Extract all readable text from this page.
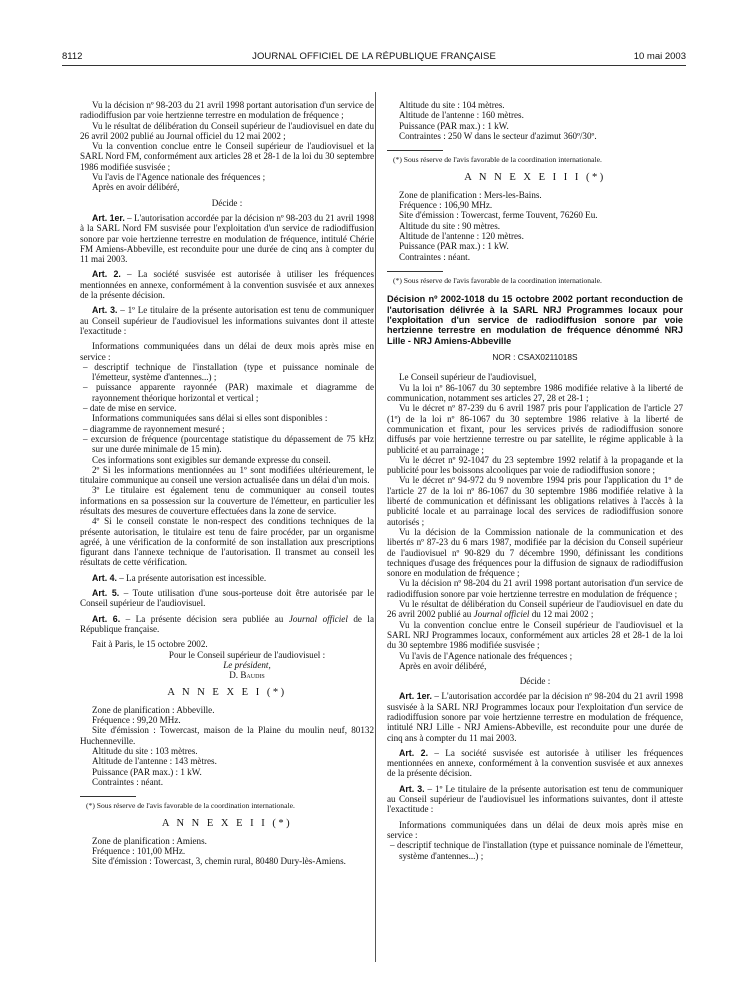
8112	JOURNAL OFFICIEL DE LA RÉPUBLIQUE FRANÇAISE	10 mai 2003

Vu la décision nº 98-203 du 21 avril 1998 portant autorisation d'un service de radiodiffusion par voie hertzienne terrestre en modulation de fréquence ;

Vu le résultat de délibération du Conseil supérieur de l'audiovisuel en date du 26 avril 2002 publié au Journal officiel du 12 mai 2002 ;

Vu la convention conclue entre le Conseil supérieur de l'audiovisuel et la SARL Nord FM, conformément aux articles 28 et 28-1 de la loi du 30 septembre 1986 modifiée susvisée ;

Vu l'avis de l'Agence nationale des fréquences ;

Après en avoir délibéré,

Décide :

Art. 1er. – L'autorisation accordée par la décision nº 98-203 du 21 avril 1998 à la SARL Nord FM susvisée pour l'exploitation d'un service de radiodiffusion sonore par voie hertzienne terrestre en modulation de fréquence, intitulé Chérie FM Amiens-Abbeville, est reconduite pour une durée de cinq ans à compter du 11 mai 2003.

Art. 2. – La société susvisée est autorisée à utiliser les fréquences mentionnées en annexe, conformément à la convention susvisée et aux annexes de la présente décision.

Art. 3. – 1º Le titulaire de la présente autorisation est tenu de communiquer au Conseil supérieur de l'audiovisuel les informations suivantes dont il atteste l'exactitude :

Informations communiquées dans un délai de deux mois après mise en service :

– descriptif technique de l'installation (type et puissance nominale de l'émetteur, système d'antennes...) ;

– puissance apparente rayonnée (PAR) maximale et diagramme de rayonnement théorique horizontal et vertical ;

– date de mise en service.

Informations communiquées sans délai si elles sont disponibles :

– diagramme de rayonnement mesuré ;

– excursion de fréquence (pourcentage statistique du dépassement de 75 kHz sur une durée minimale de 15 min).

Ces informations sont exigibles sur demande expresse du conseil.

2º Si les informations mentionnées au 1º sont modifiées ultérieurement, le titulaire communique au conseil une version actualisée dans un délai d'un mois.

3º Le titulaire est également tenu de communiquer au conseil toutes informations en sa possession sur la couverture de l'émetteur, en particulier les résultats des mesures de couverture effectuées dans la zone de service.

4º Si le conseil constate le non-respect des conditions techniques de la présente autorisation, le titulaire est tenu de faire procéder, par un organisme agréé, à une vérification de la conformité de son installation aux prescriptions figurant dans l'annexe technique de l'autorisation. Il transmet au conseil les résultats de cette vérification.

Art. 4. – La présente autorisation est incessible.

Art. 5. – Toute utilisation d'une sous-porteuse doit être autorisée par le Conseil supérieur de l'audiovisuel.

Art. 6. – La présente décision sera publiée au Journal officiel de la République française.

Fait à Paris, le 15 octobre 2002.

Pour le Conseil supérieur de l'audiovisuel :

Le président,

D. Baudis

A N N E X E I (*)

Zone de planification : Abbeville.

Fréquence : 99,20 MHz.

Site d'émission : Towercast, maison de la Plaine du moulin neuf, 80132 Huchenneville.

Altitude du site : 103 mètres.

Altitude de l'antenne : 143 mètres.

Puissance (PAR max.) : 1 kW.

Contraintes : néant.

(*) Sous réserve de l'avis favorable de la coordination internationale.

A N N E X E I I (*)

Zone de planification : Amiens.

Fréquence : 101,00 MHz.

Site d'émission : Towercast, 3, chemin rural, 80480 Dury-lès-Amiens.

Altitude du site : 104 mètres.

Altitude de l'antenne : 160 mètres.

Puissance (PAR max.) : 1 kW.

Contraintes : 250 W dans le secteur d'azimut 360º/30º.

(*) Sous réserve de l'avis favorable de la coordination internationale.

A N N E X E I I I (*)

Zone de planification : Mers-les-Bains.

Fréquence : 106,90 MHz.

Site d'émission : Towercast, ferme Touvent, 76260 Eu.

Altitude du site : 90 mètres.

Altitude de l'antenne : 120 mètres.

Puissance (PAR max.) : 1 kW.

Contraintes : néant.

(*) Sous réserve de l'avis favorable de la coordination internationale.

Décision nº 2002-1018 du 15 octobre 2002 portant reconduction de l'autorisation délivrée à la SARL NRJ Programmes locaux pour l'exploitation d'un service de radiodiffusion sonore par voie hertzienne terrestre en modulation de fréquence dénommé NRJ Lille - NRJ Amiens-Abbeville

NOR : CSAX0211018S

Le Conseil supérieur de l'audiovisuel,

Vu la loi nº 86-1067 du 30 septembre 1986 modifiée relative à la liberté de communication, notamment ses articles 27, 28 et 28-1 ;

Vu le décret nº 87-239 du 6 avril 1987 pris pour l'application de l'article 27 (1º) de la loi nº 86-1067 du 30 septembre 1986 relative à la liberté de communication et fixant, pour les services privés de radiodiffusion sonore diffusés par voie hertzienne terrestre ou par satellite, le régime applicable à la publicité et au parrainage ;

Vu le décret nº 92-1047 du 23 septembre 1992 relatif à la propagande et la publicité pour les boissons alcooliques par voie de radiodiffusion sonore ;

Vu le décret nº 94-972 du 9 novembre 1994 pris pour l'application du 1º de l'article 27 de la loi nº 86-1067 du 30 septembre 1986 modifiée relative à la liberté de communication et définissant les obligations relatives à l'accès à la publicité locale et au parrainage local des services de radiodiffusion sonore autorisés ;

Vu la décision de la Commission nationale de la communication et des libertés nº 87-23 du 6 mars 1987, modifiée par la décision du Conseil supérieur de l'audiovisuel nº 90-829 du 7 décembre 1990, définissant les conditions techniques d'usage des fréquences pour la diffusion de signaux de radiodiffusion sonore en modulation de fréquence ;

Vu la décision nº 98-204 du 21 avril 1998 portant autorisation d'un service de radiodiffusion sonore par voie hertzienne terrestre en modulation de fréquence ;

Vu le résultat de délibération du Conseil supérieur de l'audiovisuel en date du 26 avril 2002 publié au Journal officiel du 12 mai 2002 ;

Vu la convention conclue entre le Conseil supérieur de l'audiovisuel et la SARL NRJ Programmes locaux, conformément aux articles 28 et 28-1 de la loi du 30 septembre 1986 modifiée susvisée ;

Vu l'avis de l'Agence nationale des fréquences ;

Après en avoir délibéré,

Décide :

Art. 1er. – L'autorisation accordée par la décision nº 98-204 du 21 avril 1998 susvisée à la SARL NRJ Programmes locaux pour l'exploitation d'un service de radiodiffusion sonore par voie hertzienne terrestre en modulation de fréquence, intitulé NRJ Lille - NRJ Amiens-Abbeville, est reconduite pour une durée de cinq ans à compter du 11 mai 2003.

Art. 2. – La société susvisée est autorisée à utiliser les fréquences mentionnées en annexe, conformément à la convention susvisée et aux annexes de la présente décision.

Art. 3. – 1º Le titulaire de la présente autorisation est tenu de communiquer au Conseil supérieur de l'audiovisuel les informations suivantes, dont il atteste l'exactitude :

Informations communiquées dans un délai de deux mois après mise en service :

– descriptif technique de l'installation (type et puissance nominale de l'émetteur, système d'antennes...) ;
